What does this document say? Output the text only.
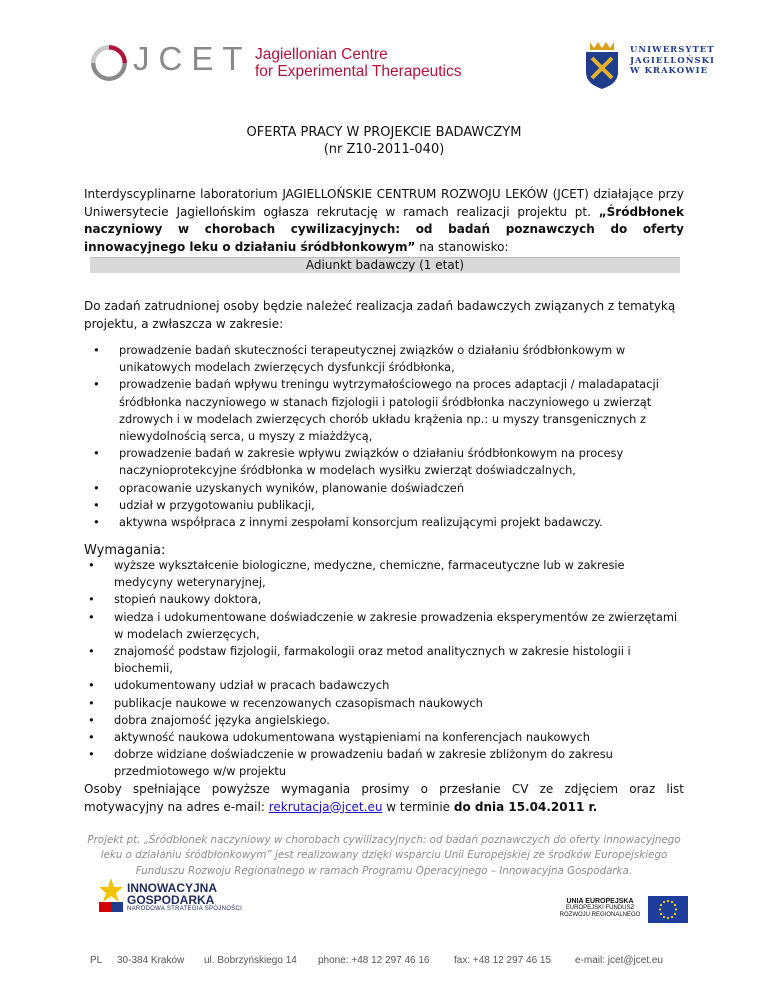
JCET Jagiellonian Centre
for Experimental Therapeutics
UNIWERSYTET
JAGIELLOŃSKI
W KRAKOWIE
OFERTA PRACY W PROJEKCIE BADAWCZYM
(nr Z10-2011-040)
Interdyscyplinarne laboratorium JAGIELLOŃSKIE CENTRUM ROZWOJU LEKÓW (JCET) działające przy Uniwersytecie Jagiellońskim ogłasza rekrutację w ramach realizacji projektu pt. „Śródbłonek naczyniowy w chorobach cywilizacyjnych: od badań poznawczych do oferty innowacyjnego leku o działaniu śródbłonkowym” na stanowisko:
Adiunkt badawczy (1 etat)
Do zadań zatrudnionej osoby będzie należeć realizacja zadań badawczych związanych z tematyką projektu, a zwłaszcza w zakresie:
• prowadzenie badań skuteczności terapeutycznej związków o działaniu śródbłonkowym w unikatowych modelach zwierzęcych dysfunkcji śródbłonka,
• prowadzenie badań wpływu treningu wytrzymałościowego na proces adaptacji / maladapatacji śródbłonka naczyniowego w stanach fizjologii i patologii śródbłonka naczyniowego u zwierząt zdrowych i w modelach zwierzęcych chorób układu krążenia np.: u myszy transgenicznych z niewydolnością serca, u myszy z miażdżycą,
• prowadzenie badań w zakresie wpływu związków o działaniu śródbłonkowym na procesy naczynioprotekcyjne śródbłonka w modelach wysiłku zwierząt doświadczalnych,
• opracowanie uzyskanych wyników, planowanie doświadczeń
• udział w przygotowaniu publikacji,
• aktywna współpraca z innymi zespołami konsorcjum realizującymi projekt badawczy.
Wymagania:
• wyższe wykształcenie biologiczne, medyczne, chemiczne, farmaceutyczne lub w zakresie medycyny weterynaryjnej,
• stopień naukowy doktora,
• wiedza i udokumentowane doświadczenie w zakresie prowadzenia eksperymentów ze zwierzętami w modelach zwierzęcych,
• znajomość podstaw fizjologii, farmakologii oraz metod analitycznych w zakresie histologii i biochemii,
• udokumentowany udział w pracach badawczych
• publikacje naukowe w recenzowanych czasopismach naukowych
• dobra znajomość języka angielskiego.
• aktywność naukowa udokumentowana wystąpieniami na konferencjach naukowych
• dobrze widziane doświadczenie w prowadzeniu badań w zakresie zbliżonym do zakresu przedmiotowego w/w projektu
Osoby spełniające powyższe wymagania prosimy o przesłanie CV ze zdjęciem oraz list motywacyjny na adres e-mail: rekrutacja@jcet.eu w terminie do dnia 15.04.2011 r.
Projekt pt. „Śródbłonek naczyniowy w chorobach cywilizacyjnych: od badań poznawczych do oferty innowacyjnego leku o działaniu śródbłonkowym” jest realizowany dzięki wsparciu Unii Europejskiej ze środków Europejskiego Funduszu Rozwoju Regionalnego w ramach Programu Operacyjnego – Innowacyjna Gospodarka.
INNOWACYJNA
GOSPODARKA
NARODOWA STRATEGIA SPÓJNOŚCI
UNIA EUROPEJSKA
EUROPEJSKI FUNDUSZ
ROZWOJU REGIONALNEGO
PL 30-384 Kraków ul. Bobrzyńskiego 14 phone: +48 12 297 46 16 fax: +48 12 297 46 15 e-mail: jcet@jcet.eu
